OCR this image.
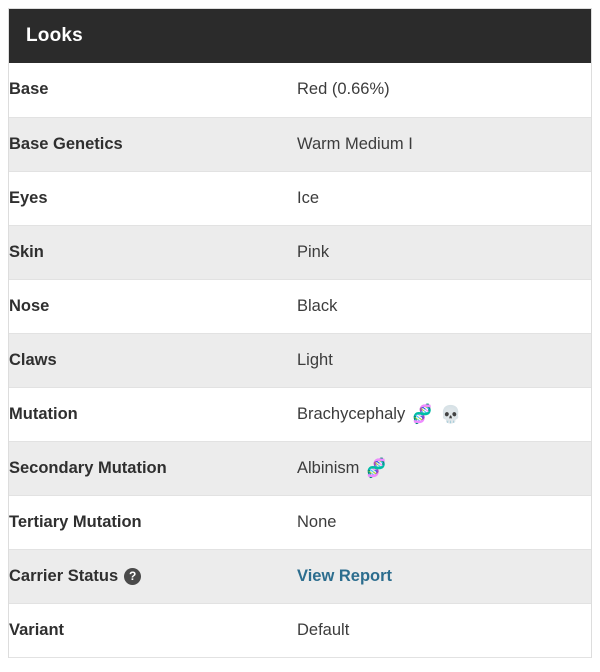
Looks
Base	Red (0.66%)

Base Genetics	Warm Medium I

Eyes	Ice

Skin	Pink

Nose	Black

Claws	Light

Mutation	Brachycephaly 🧬 💀

Secondary Mutation	Albinism 🧬

Tertiary Mutation	None

Carrier Status ?	View Report

Variant	Default
